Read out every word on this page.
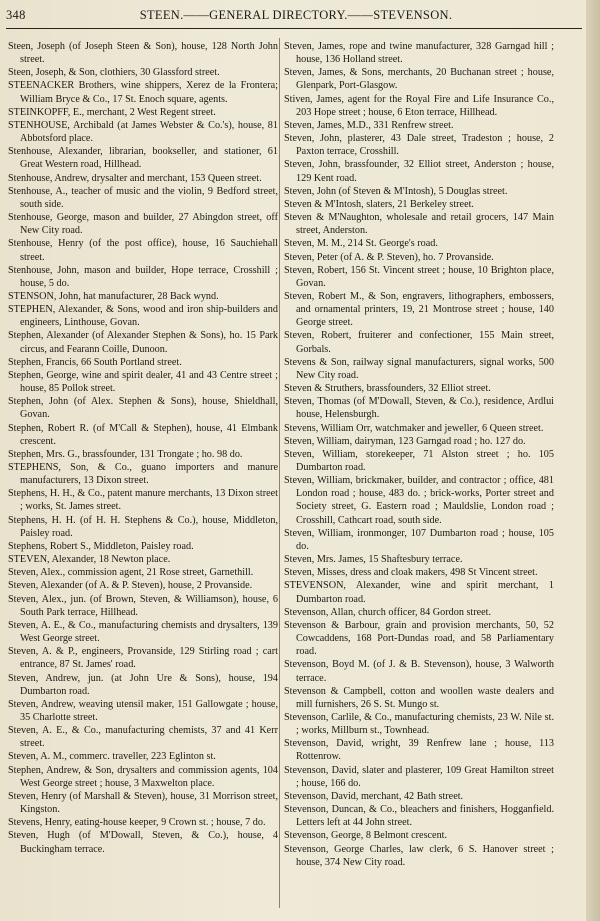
STEEN.——GENERAL DIRECTORY.——STEVENSON.
348

Steen, Joseph (of Joseph Steen & Son), house, 128 North John street.

Steen, Joseph, & Son, clothiers, 30 Glassford street.

STEENACKER Brothers, wine shippers, Xerez de la Frontera; William Bryce & Co., 17 St. Enoch square, agents.

STEINKOPFF, E., merchant, 2 West Regent street.

STENHOUSE, Archibald (at James Webster & Co.'s), house, 81 Abbotsford place.

Stenhouse, Alexander, librarian, bookseller, and stationer, 61 Great Western road, Hillhead.

Stenhouse, Andrew, drysalter and merchant, 153 Queen street.

Stenhouse, A., teacher of music and the violin, 9 Bedford street, south side.

Stenhouse, George, mason and builder, 27 Abingdon street, off New City road.

Stenhouse, Henry (of the post office), house, 16 Sauchiehall street.

Stenhouse, John, mason and builder, Hope terrace, Crosshill ; house, 5 do.

STENSON, John, hat manufacturer, 28 Back wynd.

STEPHEN, Alexander, & Sons, wood and iron ship-builders and engineers, Linthouse, Govan.

Stephen, Alexander (of Alexander Stephen & Sons), ho. 15 Park circus, and Fearann Coille, Dunoon.

Stephen, Francis, 66 South Portland street.

Stephen, George, wine and spirit dealer, 41 and 43 Centre street ; house, 85 Pollok street.

Stephen, John (of Alex. Stephen & Sons), house, Shieldhall, Govan.

Stephen, Robert R. (of M'Call & Stephen), house, 41 Elmbank crescent.

Stephen, Mrs. G., brassfounder, 131 Trongate ; ho. 98 do.

STEPHENS, Son, & Co., guano importers and manure manufacturers, 13 Dixon street.

Stephens, H. H., & Co., patent manure merchants, 13 Dixon street ; works, St. James street.

Stephens, H. H. (of H. H. Stephens & Co.), house, Middleton, Paisley road.

Stephens, Robert S., Middleton, Paisley road.

STEVEN, Alexander, 18 Newton place.

Steven, Alex., commission agent, 21 Rose street, Garnethill.

Steven, Alexander (of A. & P. Steven), house, 2 Provanside.

Steven, Alex., jun. (of Brown, Steven, & Williamson), house, 6 South Park terrace, Hillhead.

Steven, A. E., & Co., manufacturing chemists and drysalters, 139 West George street.

Steven, A. & P., engineers, Provanside, 129 Stirling road ; cart entrance, 87 St. James' road.

Steven, Andrew, jun. (at John Ure & Sons), house, 194 Dumbarton road.

Steven, Andrew, weaving utensil maker, 151 Gallowgate ; house, 35 Charlotte street.

Steven, A. E., & Co., manufacturing chemists, 37 and 41 Kerr street.

Steven, A. M., commerc. traveller, 223 Eglinton st.

Stephen, Andrew, & Son, drysalters and commission agents, 104 West George street ; house, 3 Maxwelton place.

Steven, Henry (of Marshall & Steven), house, 31 Morrison street, Kingston.

Stevens, Henry, eating-house keeper, 9 Crown st. ; house, 7 do.

Steven, Hugh (of M'Dowall, Steven, & Co.), house, 4 Buckingham terrace.

Steven, James, rope and twine manufacturer, 328 Garngad hill ; house, 136 Holland street.

Steven, James, & Sons, merchants, 20 Buchanan street ; house, Glenpark, Port-Glasgow.

Stiven, James, agent for the Royal Fire and Life Insurance Co., 203 Hope street ; house, 6 Eton terrace, Hillhead.

Steven, James, M.D., 331 Renfrew street.

Steven, John, plasterer, 43 Dale street, Tradeston ; house, 2 Paxton terrace, Crosshill.

Steven, John, brassfounder, 32 Elliot street, Anderston ; house, 129 Kent road.

Steven, John (of Steven & M'Intosh), 5 Douglas street.

Steven & M'Intosh, slaters, 21 Berkeley street.

Steven & M'Naughton, wholesale and retail grocers, 147 Main street, Anderston.

Steven, M. M., 214 St. George's road.

Steven, Peter (of A. & P. Steven), ho. 7 Provanside.

Steven, Robert, 156 St. Vincent street ; house, 10 Brighton place, Govan.

Steven, Robert M., & Son, engravers, lithographers, embossers, and ornamental printers, 19, 21 Montrose street ; house, 140 George street.

Steven, Robert, fruiterer and confectioner, 155 Main street, Gorbals.

Stevens & Son, railway signal manufacturers, signal works, 500 New City road.

Steven & Struthers, brassfounders, 32 Elliot street.

Steven, Thomas (of M'Dowall, Steven, & Co.), residence, Ardlui house, Helensburgh.

Stevens, William Orr, watchmaker and jeweller, 6 Queen street.

Steven, William, dairyman, 123 Garngad road ; ho. 127 do.

Steven, William, storekeeper, 71 Alston street ; ho. 105 Dumbarton road.

Steven, William, brickmaker, builder, and contractor ; office, 481 London road ; house, 483 do. ; brick-works, Porter street and Society street, G. Eastern road ; Mauldslie, London road ; Crosshill, Cathcart road, south side.

Steven, William, ironmonger, 107 Dumbarton road ; house, 105 do.

Steven, Mrs. James, 15 Shaftesbury terrace.

Steven, Misses, dress and cloak makers, 498 St Vincent street.

STEVENSON, Alexander, wine and spirit merchant, 1 Dumbarton road.

Stevenson, Allan, church officer, 84 Gordon street.

Stevenson & Barbour, grain and provision merchants, 50, 52 Cowcaddens, 168 Port-Dundas road, and 58 Parliamentary road.

Stevenson, Boyd M. (of J. & B. Stevenson), house, 3 Walworth terrace.

Stevenson & Campbell, cotton and woollen waste dealers and mill furnishers, 26 S. St. Mungo st.

Stevenson, Carlile, & Co., manufacturing chemists, 23 W. Nile st. ; works, Millburn st., Townhead.

Stevenson, David, wright, 39 Renfrew lane ; house, 113 Rottenrow.

Stevenson, David, slater and plasterer, 109 Great Hamilton street ; house, 166 do.

Stevenson, David, merchant, 42 Bath street.

Stevenson, Duncan, & Co., bleachers and finishers, Hogganfield. Letters left at 44 John street.

Stevenson, George, 8 Belmont crescent.

Stevenson, George Charles, law clerk, 6 S. Hanover street ; house, 374 New City road.
